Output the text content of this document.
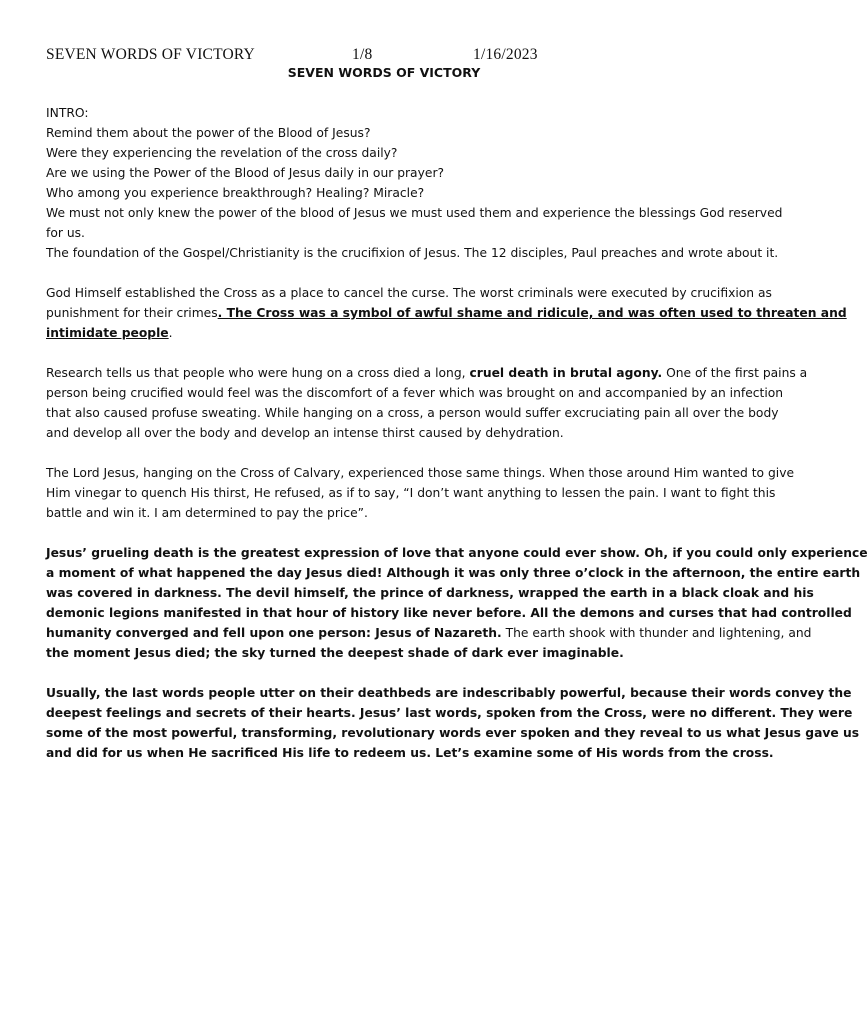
SEVEN WORDS OF VICTORY	1/8	1/16/2023
SEVEN WORDS OF VICTORY

INTRO:
Remind them about the power of the Blood of Jesus?
Were they experiencing the revelation of the cross daily?
Are we using the Power of the Blood of Jesus daily in our prayer?
Who among you experience breakthrough? Healing? Miracle?
We must not only knew the power of the blood of Jesus we must used them and experience the blessings God reserved
for us.
The foundation of the Gospel/Christianity is the crucifixion of Jesus. The 12 disciples, Paul preaches and wrote about it.

God Himself established the Cross as a place to cancel the curse. The worst criminals were executed by crucifixion as
punishment for their crimes. The Cross was a symbol of awful shame and ridicule, and was often used to threaten and
intimidate people.

Research tells us that people who were hung on a cross died a long, cruel death in brutal agony. One of the first pains a
person being crucified would feel was the discomfort of a fever which was brought on and accompanied by an infection
that also caused profuse sweating. While hanging on a cross, a person would suffer excruciating pain all over the body
and develop all over the body and develop an intense thirst caused by dehydration.

The Lord Jesus, hanging on the Cross of Calvary, experienced those same things. When those around Him wanted to give
Him vinegar to quench His thirst, He refused, as if to say, “I don’t want anything to lessen the pain. I want to fight this
battle and win it. I am determined to pay the price”.

Jesus’ grueling death is the greatest expression of love that anyone could ever show. Oh, if you could only experience
a moment of what happened the day Jesus died! Although it was only three o’clock in the afternoon, the entire earth
was covered in darkness. The devil himself, the prince of darkness, wrapped the earth in a black cloak and his
demonic legions manifested in that hour of history like never before. All the demons and curses that had controlled
humanity converged and fell upon one person: Jesus of Nazareth. The earth shook with thunder and lightening, and
the moment Jesus died; the sky turned the deepest shade of dark ever imaginable.

Usually, the last words people utter on their deathbeds are indescribably powerful, because their words convey the
deepest feelings and secrets of their hearts. Jesus’ last words, spoken from the Cross, were no different. They were
some of the most powerful, transforming, revolutionary words ever spoken and they reveal to us what Jesus gave us
and did for us when He sacrificed His life to redeem us. Let’s examine some of His words from the cross.
